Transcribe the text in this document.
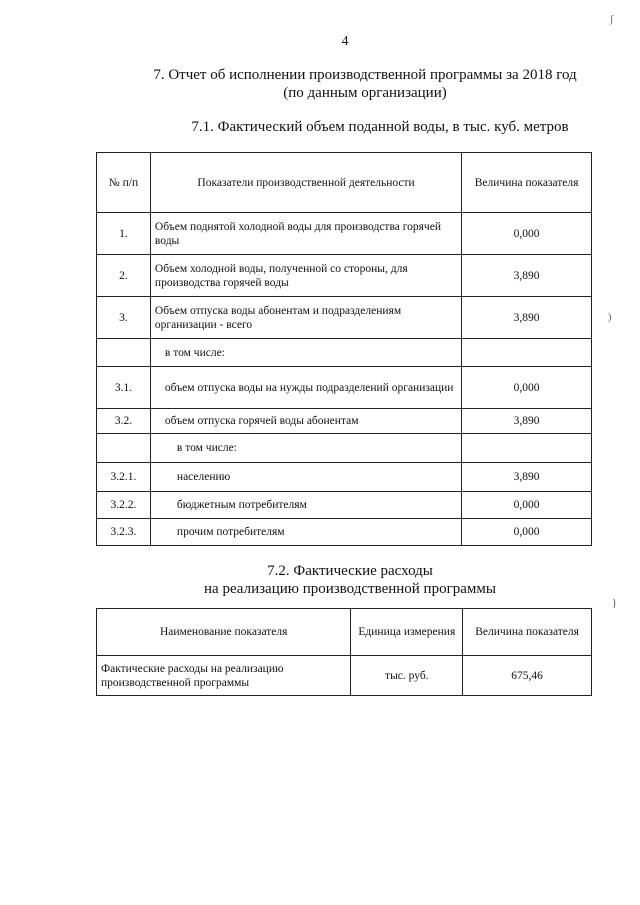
4
7. Отчет об исполнении производственной программы за 2018 год
(по данным организации)
7.1. Фактический объем поданной воды, в тыс. куб. метров
№ п/п	Показатели производственной деятельности	Величина показателя
1.	Объем поднятой холодной воды для производства горячей воды	0,000
2.	Объем холодной воды, полученной со стороны, для производства горячей воды	3,890
3.	Объем отпуска воды абонентам и подразделениям организации - всего	3,890
	в том числе:	
3.1.	объем отпуска воды на нужды подразделений организации	0,000
3.2.	объем отпуска горячей воды абонентам	3,890
	в том числе:	
3.2.1.	населению	3,890
3.2.2.	бюджетным потребителям	0,000
3.2.3.	прочим потребителям	0,000
7.2. Фактические расходы
на реализацию производственной программы
Наименование показателя	Единица измерения	Величина показателя
Фактические расходы на реализацию производственной программы	тыс. руб.	675,46
ʃ
)
}
